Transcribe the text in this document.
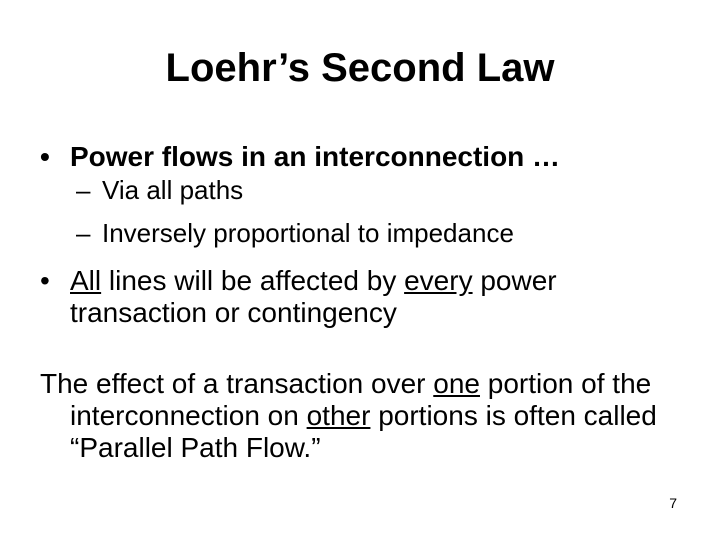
Loehr’s Second Law
• Power flows in an interconnection …
– Via all paths
– Inversely proportional to impedance
• All lines will be affected by every power transaction or contingency
The effect of a transaction over one portion of the interconnection on other portions is often called “Parallel Path Flow.”
7
